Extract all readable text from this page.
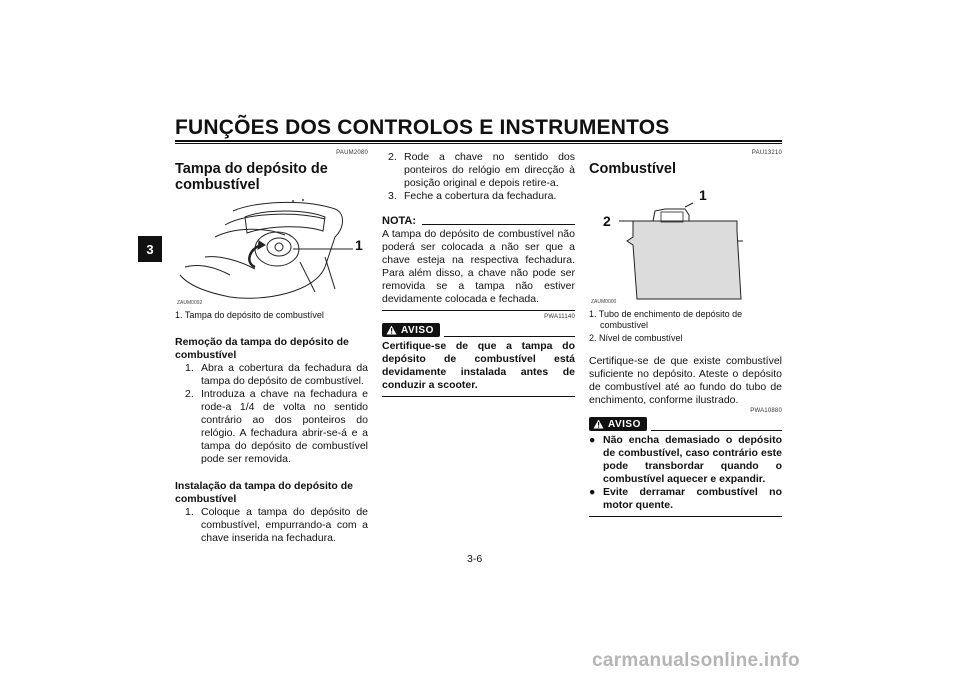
FUNÇÕES DOS CONTROLOS E INSTRUMENTOS
3
PAUM2080
Tampa do depósito de combustível
1
ZAUM0092
1. Tampa do depósito de combustível
Remoção da tampa do depósito de combustível
1. Abra a cobertura da fechadura da tampa do depósito de combustível.
2. Introduza a chave na fechadura e rode-a 1/4 de volta no sentido contrário ao dos ponteiros do relógio. A fechadura abrir-se-á e a tampa do depósito de combustível pode ser removida.
Instalação da tampa do depósito de combustível
1. Coloque a tampa do depósito de combustível, empurrando-a com a chave inserida na fechadura.
2. Rode a chave no sentido dos ponteiros do relógio em direcção à posição original e depois retire-a.
3. Feche a cobertura da fechadura.
NOTA:
A tampa do depósito de combustível não poderá ser colocada a não ser que a chave esteja na respectiva fechadura. Para além disso, a chave não pode ser removida se a tampa não estiver devidamente colocada e fechada.
PWA11140
AVISO
Certifique-se de que a tampa do depósito de combustível está devidamente instalada antes de conduzir a scooter.
PAU13210
Combustível
1
2
ZAUM0000
1. Tubo de enchimento de depósito de combustível
2. Nível de combustível
Certifique-se de que existe combustível suficiente no depósito. Ateste o depósito de combustível até ao fundo do tubo de enchimento, conforme ilustrado.
PWA10880
AVISO
● Não encha demasiado o depósito de combustível, caso contrário este pode transbordar quando o combustível aquecer e expandir.
● Evite derramar combustível no motor quente.
3-6
carmanualsonline.info
